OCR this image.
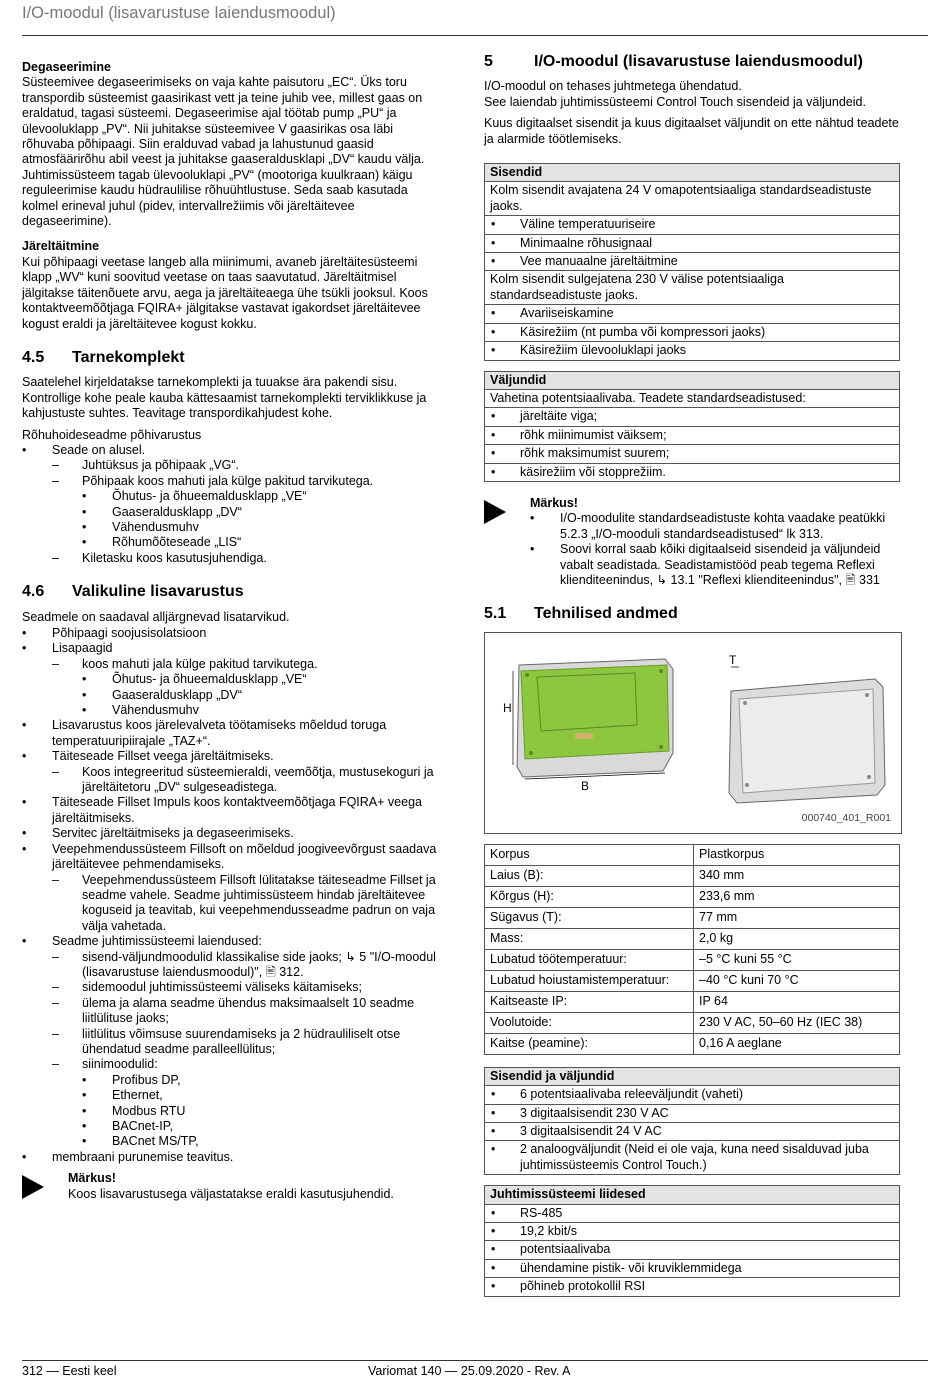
I/O-moodul (lisavarustuse laiendusmoodul)
Degaseerimine

Süsteemivee degaseerimiseks on vaja kahte paisutoru „EC“. Üks toru transpordib süsteemist gaasirikast vett ja teine juhib vee, millest gaas on eraldatud, tagasi süsteemi. Degaseerimise ajal töötab pump „PU“ ja ülevooluklapp „PV“. Nii juhitakse süsteemivee V gaasirikas osa läbi rõhuvaba põhipaagi. Siin eralduvad vabad ja lahustunud gaasid atmosfäärirõhu abil veest ja juhitakse gaaseraldusklapi „DV“ kaudu välja. Juhtimissüsteem tagab ülevooluklapi „PV“ (mootoriga kuulkraan) käigu reguleerimise kaudu hüdraulilise rõhuühtlustuse. Seda saab kasutada kolmel erineval juhul (pidev, intervallrežiimis või järeltäitevee degaseerimine).

Järeltäitmine

Kui põhipaagi veetase langeb alla miinimumi, avaneb järeltäitesüsteemi klapp „WV“ kuni soovitud veetase on taas saavutatud. Järeltäitmisel jälgitakse täitenõuete arvu, aega ja järeltäiteaega ühe tsükli jooksul. Koos kontaktveemõõtjaga FQIRA+ jälgitakse vastavat igakordset järeltäitevee kogust eraldi ja järeltäitevee kogust kokku.

4.5	Tarnekomplekt

Saatelehel kirjeldatakse tarnekomplekti ja tuuakse ära pakendi sisu. Kontrollige kohe peale kauba kättesaamist tarnekomplekti terviklikkuse ja kahjustuste suhtes. Teavitage transpordikahjudest kohe.

Rõhuhoideseadme põhivarustus
• Seade on alusel.
– Juhtüksus ja põhipaak „VG“.
– Põhipaak koos mahuti jala külge pakitud tarvikutega.
• Õhutus- ja õhueemaldusklapp „VE“
• Gaaseraldusklapp „DV“
• Vähendusmuhv
• Rõhumõõteseade „LIS“
– Kiletasku koos kasutusjuhendiga.
4.6	Valikuline lisavarustus
Seadmele on saadaval alljärgnevad lisatarvikud.
• Põhipaagi soojusisolatsioon
• Lisapaagid
– koos mahuti jala külge pakitud tarvikutega.
• Õhutus- ja õhueemaldusklapp „VE“
• Gaaseraldusklapp „DV“
• Vähendusmuhv
• Lisavarustus koos järelevalveta töötamiseks mõeldud toruga temperatuuripiirajale „TAZ+“.
• Täiteseade Fillset veega järeltäitmiseks.
– Koos integreeritud süsteemieraldi, veemõõtja, mustusekoguri ja järeltäitetoru „DV“ sulgeseadistega.
• Täiteseade Fillset Impuls koos kontaktveemõõtjaga FQIRA+ veega järeltäitmiseks.
• Servitec järeltäitmiseks ja degaseerimiseks.
• Veepehmendussüsteem Fillsoft on mõeldud joogiveevõrgust saadava järeltäitevee pehmendamiseks.
– Veepehmendussüsteem Fillsoft lülitatakse täiteseadme Fillset ja seadme vahele. Seadme juhtimissüsteem hindab järeltäitevee koguseid ja teavitab, kui veepehmendusseadme padrun on vaja välja vahetada.
• Seadme juhtimissüsteemi laiendused:
– sisend-väljundmoodulid klassikalise side jaoks; ↳ 5 "I/O-moodul (lisavarustuse laiendusmoodul)", 🖹 312.
– sidemoodul juhtimissüsteemi väliseks käitamiseks;
– ülema ja alama seadme ühendus maksimaalselt 10 seadme liitlülituse jaoks;
– liitlülitus võimsuse suurendamiseks ja 2 hüdrauliliselt otse ühendatud seadme paralleellülitus;
– siinimoodulid:
• Profibus DP,
• Ethernet,
• Modbus RTU
• BACnet-IP,
• BACnet MS/TP,
• membraani purunemise teavitus.
Märkus!
Koos lisavarustusega väljastatakse eraldi kasutusjuhendid.
5	I/O-moodul (lisavarustuse laiendusmoodul)
I/O-moodul on tehases juhtmetega ühendatud.

See laiendab juhtimissüsteemi Control Touch sisendeid ja väljundeid.

Kuus digitaalset sisendit ja kuus digitaalset väljundit on ette nähtud teadete ja alarmide töötlemiseks.

Sisendid
Kolm sisendit avajatena 24 V omapotentsiaaliga standardseadistuste jaoks.
• Väline temperatuuriseire
• Minimaalne rõhusignaal
• Vee manuaalne järeltäitmine
Kolm sisendit sulgejatena 230 V välise potentsiaaliga standardseadistuste jaoks.
• Avariiseiskamine
• Käsirežiim (nt pumba või kompressori jaoks)
• Käsirežiim ülevooluklapi jaoks
Väljundid
Vahetina potentsiaalivaba. Teadete standardseadistused:
• järeltäite viga;
• rõhk miinimumist väiksem;
• rõhk maksimumist suurem;
• käsirežiim või stopprežiim.
Märkus!
• I/O-moodulite standardseadistuste kohta vaadake peatükki 5.2.3 „I/O-mooduli standardseadistused“ lk 313.
• Soovi korral saab kõiki digitaalseid sisendeid ja väljundeid vabalt seadistada. Seadistamistööd peab tegema Reflexi klienditeenindus, ↳ 13.1 "Reflexi klienditeenindus", 🖹 331
5.1	Tehnilised andmed
H
B
T
000740_401_R001
Korpus	Plastkorpus
Laius (B):	340 mm
Kõrgus (H):	233,6 mm
Sügavus (T):	77 mm
Mass:	2,0 kg
Lubatud töötemperatuur:	–5 °C kuni 55 °C
Lubatud hoiustamistemperatuur:	–40 °C kuni 70 °C
Kaitseaste IP:	IP 64
Voolutoide:	230 V AC, 50–60 Hz (IEC 38)
Kaitse (peamine):	0,16 A aeglane
Sisendid ja väljundid
• 6 potentsiaalivaba releeväljundit (vaheti)
• 3 digitaalsisendit 230 V AC
• 3 digitaalsisendit 24 V AC
• 2 analoogväljundit (Neid ei ole vaja, kuna need sisalduvad juba juhtimissüsteemis Control Touch.)
Juhtimissüsteemi liidesed
• RS-485
• 19,2 kbit/s
• potentsiaalivaba
• ühendamine pistik- või kruviklemmidega
• põhineb protokollil RSI
312 — Eesti keel	Variomat 140 — 25.09.2020 - Rev. A
